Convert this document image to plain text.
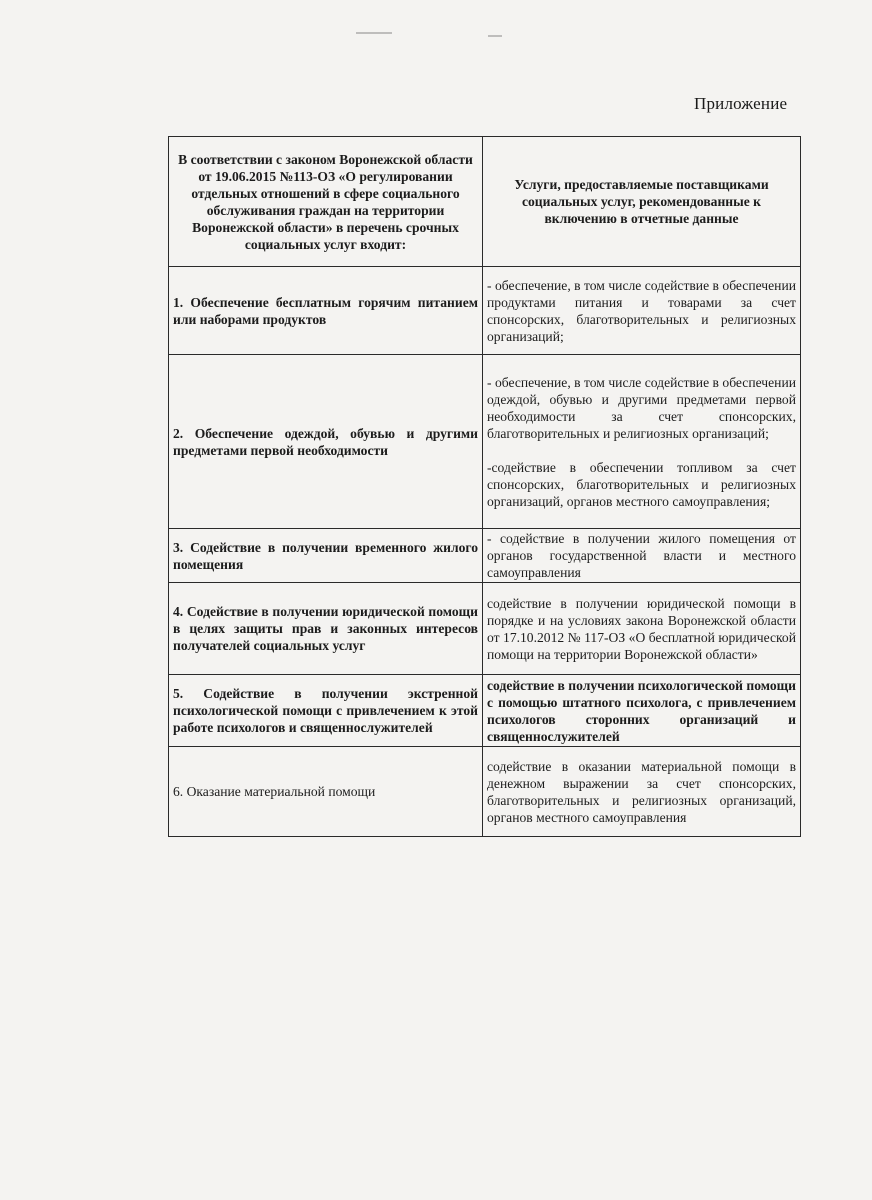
Приложение
В соответствии с законом Воронежской области от 19.06.2015 №113-ОЗ «О регулировании отдельных отношений в сфере социального обслуживания граждан на территории Воронежской области» в перечень срочных социальных услуг входит:	Услуги, предоставляемые поставщиками социальных услуг, рекомендованные к включению в отчетные данные
1. Обеспечение бесплатным горячим питанием или наборами продуктов	- обеспечение, в том числе содействие в обеспечении продуктами питания и товарами за счет спонсорских, благотворительных и религиозных организаций;

2. Обеспечение одеждой, обувью и другими предметами первой необходимости	- обеспечение, в том числе содействие в обеспечении одеждой, обувью и другими предметами первой необходимости за счет спонсорских, благотворительных и религиозных организаций;
-содействие в обеспечении топливом за счет спонсорских, благотворительных и религиозных организаций, органов местного самоуправления;

3. Содействие в получении временного жилого помещения	- содействие в получении жилого помещения от органов государственной власти и местного самоуправления

4. Содействие в получении юридической помощи в целях защиты прав и законных интересов получателей социальных услуг	содействие в получении юридической помощи в порядке и на условиях закона Воронежской области от 17.10.2012 № 117-ОЗ «О бесплатной юридической помощи на территории Воронежской области»

5. Содействие в получении экстренной психологической помощи с привлечением к этой работе психологов и священнослужителей	содействие в получении психологической помощи с помощью штатного психолога, с привлечением психологов сторонних организаций и священнослужителей

6. Оказание материальной помощи	содействие в оказании материальной помощи в денежном выражении за счет спонсорских, благотворительных и религиозных организаций, органов местного самоуправления
